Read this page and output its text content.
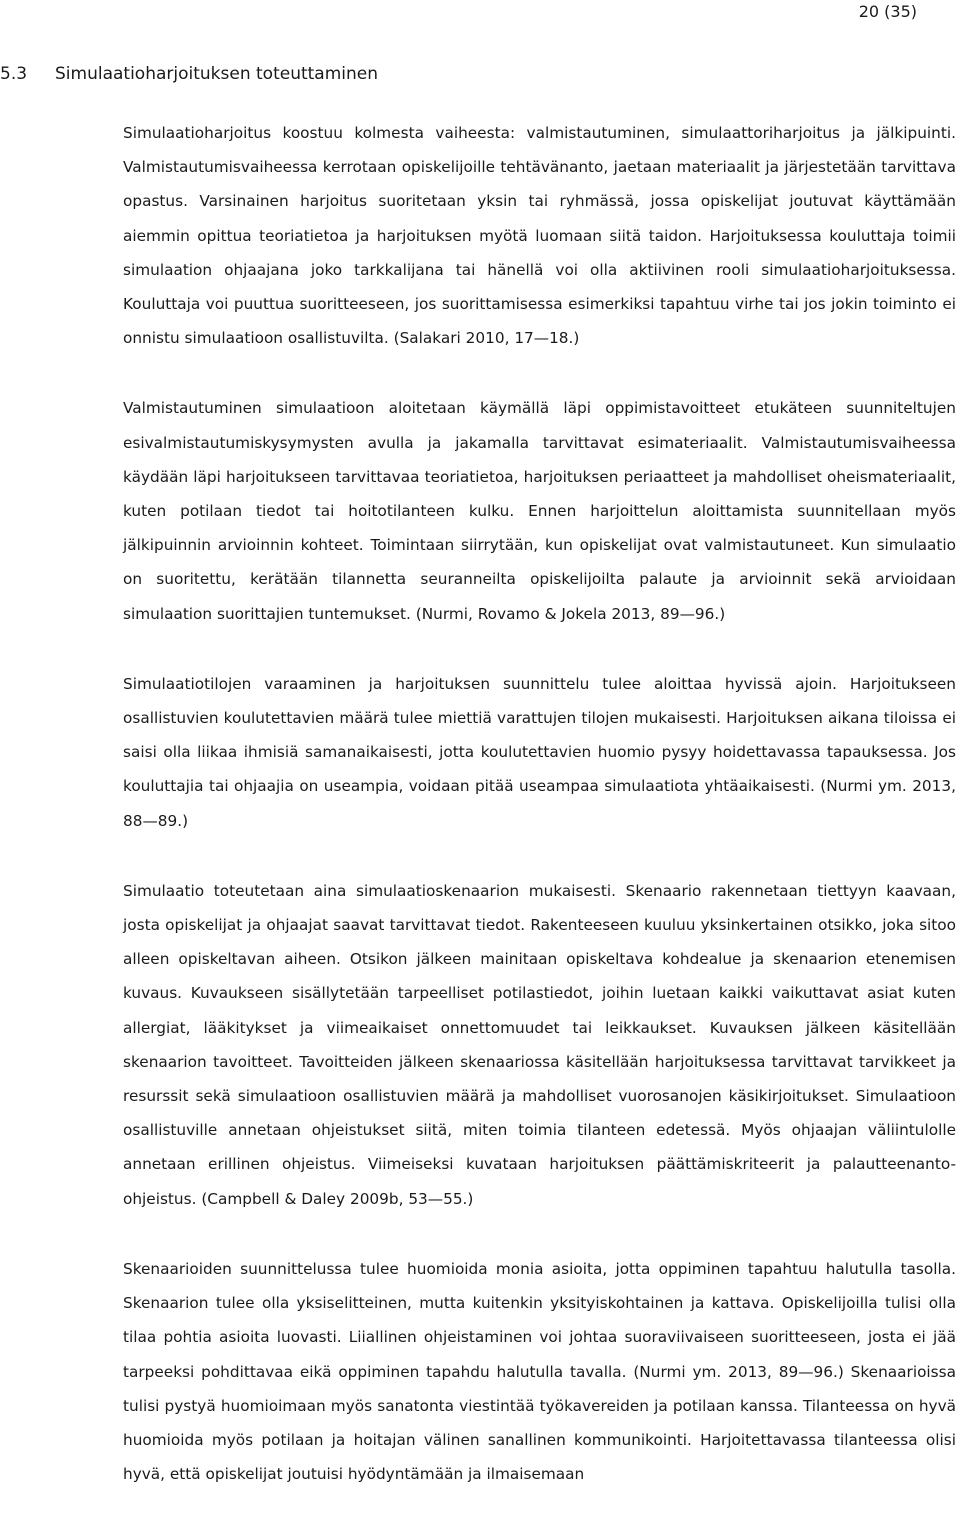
20 (35)
5.3 Simulaatioharjoituksen toteuttaminen

Simulaatioharjoitus koostuu kolmesta vaiheesta: valmistautuminen, simulaattoriharjoitus ja jälkipuinti. Valmistautumisvaiheessa kerrotaan opiskelijoille tehtävänanto, jaetaan materiaalit ja järjestetään tarvittava opastus. Varsinainen harjoitus suoritetaan yksin tai ryhmässä, jossa opiskelijat joutuvat käyttämään aiemmin opittua teoriatietoa ja harjoituksen myötä luomaan siitä taidon. Harjoituksessa kouluttaja toimii simulaation ohjaajana joko tarkkalijana tai hänellä voi olla aktiivinen rooli simulaatioharjoituksessa. Kouluttaja voi puuttua suoritteeseen, jos suorittamisessa esimerkiksi tapahtuu virhe tai jos jokin toiminto ei onnistu simulaatioon osallistuvilta. (Salakari 2010, 17—18.)

Valmistautuminen simulaatioon aloitetaan käymällä läpi oppimistavoitteet etukäteen suunniteltujen esivalmistautumiskysymysten avulla ja jakamalla tarvittavat esimateriaalit. Valmistautumisvaiheessa käydään läpi harjoitukseen tarvittavaa teoriatietoa, harjoituksen periaatteet ja mahdolliset oheismateriaalit, kuten potilaan tiedot tai hoitotilanteen kulku. Ennen harjoittelun aloittamista suunnitellaan myös jälkipuinnin arvioinnin kohteet. Toimintaan siirrytään, kun opiskelijat ovat valmistautuneet. Kun simulaatio on suoritettu, kerätään tilannetta seuranneilta opiskelijoilta palaute ja arvioinnit sekä arvioidaan simulaation suorittajien tuntemukset. (Nurmi, Rovamo & Jokela 2013, 89—96.)

Simulaatiotilojen varaaminen ja harjoituksen suunnittelu tulee aloittaa hyvissä ajoin. Harjoitukseen osallistuvien koulutettavien määrä tulee miettiä varattujen tilojen mukaisesti. Harjoituksen aikana tiloissa ei saisi olla liikaa ihmisiä samanaikaisesti, jotta koulutettavien huomio pysyy hoidettavassa tapauksessa. Jos kouluttajia tai ohjaajia on useampia, voidaan pitää useampaa simulaatiota yhtäaikaisesti. (Nurmi ym. 2013, 88—89.)

Simulaatio toteutetaan aina simulaatioskenaarion mukaisesti. Skenaario rakennetaan tiettyyn kaavaan, josta opiskelijat ja ohjaajat saavat tarvittavat tiedot. Rakenteeseen kuuluu yksinkertainen otsikko, joka sitoo alleen opiskeltavan aiheen. Otsikon jälkeen mainitaan opiskeltava kohdealue ja skenaarion etenemisen kuvaus. Kuvaukseen sisällytetään tarpeelliset potilastiedot, joihin luetaan kaikki vaikuttavat asiat kuten allergiat, lääkitykset ja viimeaikaiset onnettomuudet tai leikkaukset. Kuvauksen jälkeen käsitellään skenaarion tavoitteet. Tavoitteiden jälkeen skenaariossa käsitellään harjoituksessa tarvittavat tarvikkeet ja resurssit sekä simulaatioon osallistuvien määrä ja mahdolliset vuorosanojen käsikirjoitukset. Simulaatioon osallistuville annetaan ohjeistukset siitä, miten toimia tilanteen edetessä. Myös ohjaajan väliintulolle annetaan erillinen ohjeistus. Viimeiseksi kuvataan harjoituksen päättämiskriteerit ja palautteenanto-ohjeistus. (Campbell & Daley 2009b, 53—55.)

Skenaarioiden suunnittelussa tulee huomioida monia asioita, jotta oppiminen tapahtuu halutulla tasolla. Skenaarion tulee olla yksiselitteinen, mutta kuitenkin yksityiskohtainen ja kattava. Opiskelijoilla tulisi olla tilaa pohtia asioita luovasti. Liiallinen ohjeistaminen voi johtaa suoraviivaiseen suoritteeseen, josta ei jää tarpeeksi pohdittavaa eikä oppiminen tapahdu halutulla tavalla. (Nurmi ym. 2013, 89—96.) Skenaarioissa tulisi pystyä huomioimaan myös sanatonta viestintää työkavereiden ja potilaan kanssa. Tilanteessa on hyvä huomioida myös potilaan ja hoitajan välinen sanallinen kommunikointi. Harjoitettavassa tilanteessa olisi hyvä, että opiskelijat joutuisi hyödyntämään ja ilmaisemaan
